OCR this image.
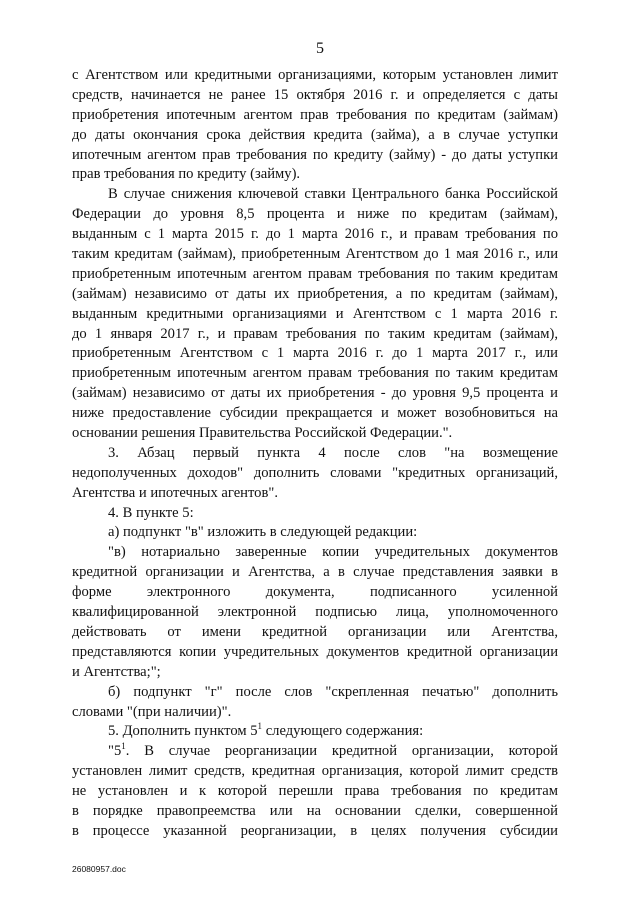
5
с Агентством или кредитными организациями, которым установлен лимит
средств, начинается не ранее 15 октября 2016 г. и определяется с даты
приобретения ипотечным агентом прав требования по кредитам (займам)
до даты окончания срока действия кредита (займа), а в случае уступки
ипотечным агентом прав требования по кредиту (займу) - до даты уступки
прав требования по кредиту (займу).
В случае снижения ключевой ставки Центрального банка Российской
Федерации до уровня 8,5 процента и ниже по кредитам (займам),
выданным с 1 марта 2015 г. до 1 марта 2016 г., и правам требования по
таким кредитам (займам), приобретенным Агентством до 1 мая 2016 г., или
приобретенным ипотечным агентом правам требования по таким кредитам
(займам) независимо от даты их приобретения, а по кредитам (займам),
выданным кредитными организациями и Агентством с 1 марта 2016 г.
до 1 января 2017 г., и правам требования по таким кредитам (займам),
приобретенным Агентством с 1 марта 2016 г. до 1 марта 2017 г., или
приобретенным ипотечным агентом правам требования по таким кредитам
(займам) независимо от даты их приобретения - до уровня 9,5 процента и
ниже предоставление субсидии прекращается и может возобновиться на
основании решения Правительства Российской Федерации.".
3. Абзац первый пункта 4 после слов "на возмещение
недополученных доходов" дополнить словами "кредитных организаций,
Агентства и ипотечных агентов".
4. В пункте 5:
а) подпункт "в" изложить в следующей редакции:
"в) нотариально заверенные копии учредительных документов
кредитной организации и Агентства, а в случае представления заявки в
форме электронного документа, подписанного усиленной
квалифицированной электронной подписью лица, уполномоченного
действовать от имени кредитной организации или Агентства,
представляются копии учредительных документов кредитной организации
и Агентства;";
б) подпункт "г" после слов "скрепленная печатью" дополнить
словами "(при наличии)".
5. Дополнить пунктом $5^1$ следующего содержания:
"$5^1$. В случае реорганизации кредитной организации, которой
установлен лимит средств, кредитная организация, которой лимит средств
не установлен и к которой перешли права требования по кредитам
в порядке правопреемства или на основании сделки, совершенной
в процессе указанной реорганизации, в целях получения субсидии
26080957.doc
